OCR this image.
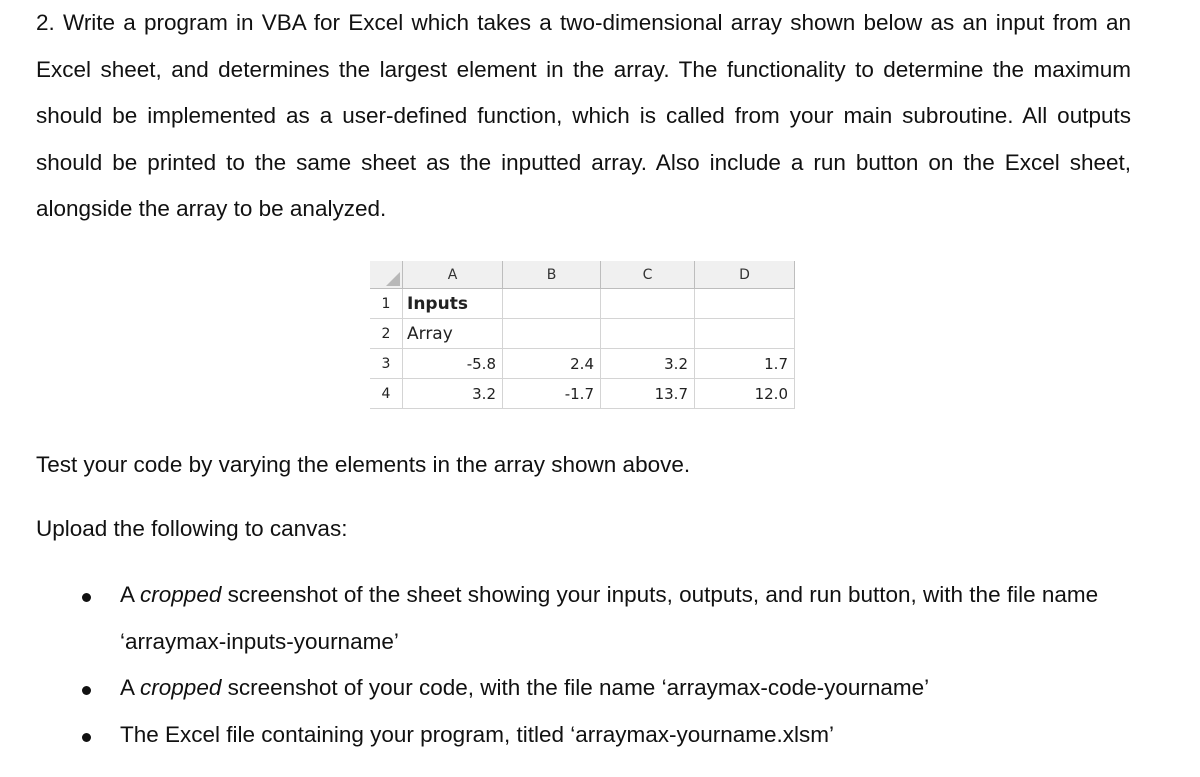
2. Write a program in VBA for Excel which takes a two-dimensional array shown below as an input from an Excel sheet, and determines the largest element in the array. The functionality to determine the maximum should be implemented as a user-defined function, which is called from your main subroutine. All outputs should be printed to the same sheet as the inputted array. Also include a run button on the Excel sheet, alongside the array to be analyzed.

A	B	C	D
1 Inputs
2 Array
3	-5.8	2.4	3.2	1.7
4	3.2	-1.7	13.7	12.0

Test your code by varying the elements in the array shown above.

Upload the following to canvas:

A cropped screenshot of the sheet showing your inputs, outputs, and run button, with the file name ‘arraymax-inputs-yourname’

A cropped screenshot of your code, with the file name ‘arraymax-code-yourname’

The Excel file containing your program, titled ‘arraymax-yourname.xlsm’
